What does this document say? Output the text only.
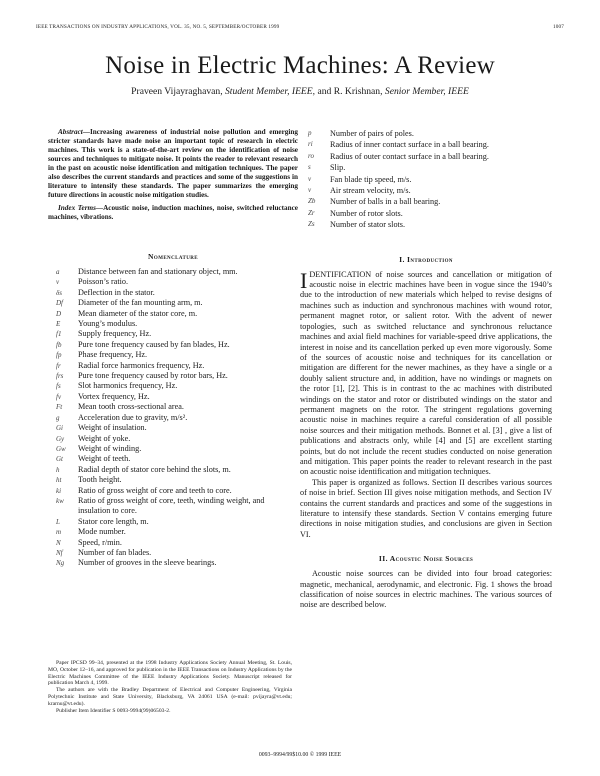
IEEE TRANSACTIONS ON INDUSTRY APPLICATIONS, VOL. 35, NO. 5, SEPTEMBER/OCTOBER 1999	1007
Noise in Electric Machines: A Review
Praveen Vijayraghavan, Student Member, IEEE, and R. Krishnan, Senior Member, IEEE

Abstract—Increasing awareness of industrial noise pollution and emerging stricter standards have made noise an important topic of research in electric machines. This work is a state-of-the-art review on the identification of noise sources and techniques to mitigate noise. It points the reader to relevant research in the past on acoustic noise identification and mitigation techniques. The paper also describes the current standards and practices and some of the suggestions in literature to intensify these standards. The paper summarizes the emerging future directions in acoustic noise mitigation studies.

Index Terms—Acoustic noise, induction machines, noise, switched reluctance machines, vibrations.

Nomenclature
a	Distance between fan and stationary object, mm.
ν	Poisson’s ratio.
δs	Deflection in the stator.
Df	Diameter of the fan mounting arm, m.
D	Mean diameter of the stator core, m.
E	Young’s modulus.
f1	Supply frequency, Hz.
fb	Pure tone frequency caused by fan blades, Hz.
fp	Phase frequency, Hz.
fr	Radial force harmonics frequency, Hz.
frs	Pure tone frequency caused by rotor bars, Hz.
fs	Slot harmonics frequency, Hz.
fv	Vortex frequency, Hz.
Ft	Mean tooth cross-sectional area.
g	Acceleration due to gravity, m/s².
Gi	Weight of insulation.
Gy	Weight of yoke.
Gw	Weight of winding.
Gt	Weight of teeth.
h	Radial depth of stator core behind the slots, m.
ht	Tooth height.
ki	Ratio of gross weight of core and teeth to core.
kw	Ratio of gross weight of core, teeth, winding weight, and insulation to core.
L	Stator core length, m.
m	Mode number.
N	Speed, r/min.
Nf	Number of fan blades.
Ng	Number of grooves in the sleeve bearings.

Paper IPCSD 99–34, presented at the 1998 Industry Applications Society Annual Meeting, St. Louis, MO, October 12–16, and approved for publication in the IEEE Transactions on Industry Applications by the Electric Machines Committee of the IEEE Industry Applications Society. Manuscript released for publication March 4, 1999.

The authors are with the Bradley Department of Electrical and Computer Engineering, Virginia Polytechnic Institute and State University, Blacksburg, VA 24061 USA (e-mail: pvijayra@vt.edu; krarnu@vt.edu).

Publisher Item Identifier S 0093-9994(99)06503-2.

p	Number of pairs of poles.
ri	Radius of inner contact surface in a ball bearing.
ro	Radius of outer contact surface in a ball bearing.
s	Slip.
v	Fan blade tip speed, m/s.
v	Air stream velocity, m/s.
Zb	Number of balls in a ball bearing.
Zr	Number of rotor slots.
Zs	Number of stator slots.
I. Introduction

IDENTIFICATION of noise sources and cancellation or mitigation of acoustic noise in electric machines have been in vogue since the 1940’s due to the introduction of new materials which helped to revise designs of machines such as induction and synchronous machines with wound rotor, permanent magnet rotor, or salient rotor. With the advent of newer topologies, such as switched reluctance and synchronous reluctance machines and axial field machines for variable-speed drive applications, the interest in noise and its cancellation perked up even more vigorously. Some of the sources of acoustic noise and techniques for its cancellation or mitigation are different for the newer machines, as they have a single or a doubly salient structure and, in addition, have no windings or magnets on the rotor [1], [2]. This is in contrast to the ac machines with distributed windings on the stator and rotor or distributed windings on the stator and permanent magnets on the rotor. The stringent regulations governing acoustic noise in machines require a careful consideration of all possible noise sources and their mitigation methods. Bonnet et al. [3] , give a list of publications and abstracts only, while [4] and [5] are excellent starting points, but do not include the recent studies conducted on noise generation and mitigation. This paper points the reader to relevant research in the past on acoustic noise identification and mitigation techniques.

This paper is organized as follows. Section II describes various sources of noise in brief. Section III gives noise mitigation methods, and Section IV contains the current standards and practices and some of the suggestions in literature to intensify these standards. Section V contains emerging future directions in noise mitigation studies, and conclusions are given in Section VI.

II. Acoustic Noise Sources

Acoustic noise sources can be divided into four broad categories: magnetic, mechanical, aerodynamic, and electronic. Fig. 1 shows the broad classification of noise sources in electric machines. The various sources of noise are described below.

0093–9994/99$10.00 © 1999 IEEE
